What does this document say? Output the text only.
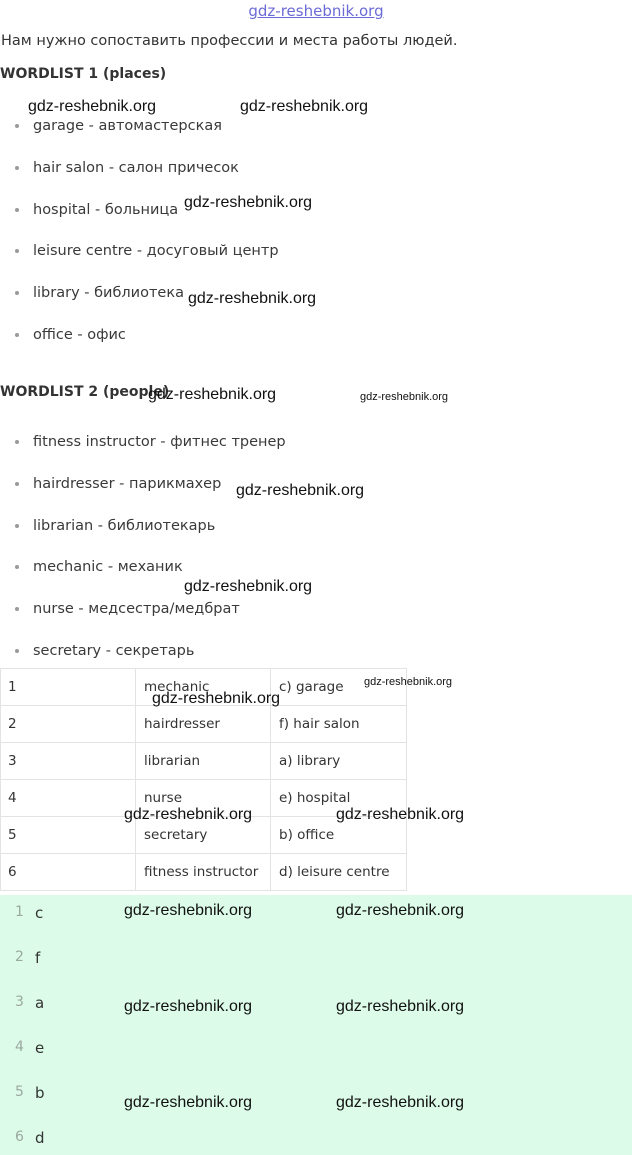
gdz-reshebnik.org
Нам нужно сопоставить профессии и места работы людей.
WORDLIST 1 (places)
garage - автомастерская
hair salon - салон причесок
hospital - больница
leisure centre - досуговый центр
library - библиотека
office - офис
WORDLIST 2 (people)
fitness instructor - фитнес тренер
hairdresser - парикмахер
librarian - библиотекарь
mechanic - механик
nurse - медсестра/медбрат
secretary - секретарь
1	mechanic	c) garage
2	hairdresser	f) hair salon
3	librarian	a) library
4	nurse	e) hospital
5	secretary	b) office
6	fitness instructor	d) leisure centre
1 c
2 f
3 a
4 e
5 b
6 d
gdz-reshebnik.org	gdz-reshebnik.org
gdz-reshebnik.org
gdz-reshebnik.org
gdz-reshebnik.org	gdz-reshebnik.org
gdz-reshebnik.org
gdz-reshebnik.org
gdz-reshebnik.org
gdz-reshebnik.org
gdz-reshebnik.org	gdz-reshebnik.org
gdz-reshebnik.org	gdz-reshebnik.org
gdz-reshebnik.org	gdz-reshebnik.org
gdz-reshebnik.org	gdz-reshebnik.org
